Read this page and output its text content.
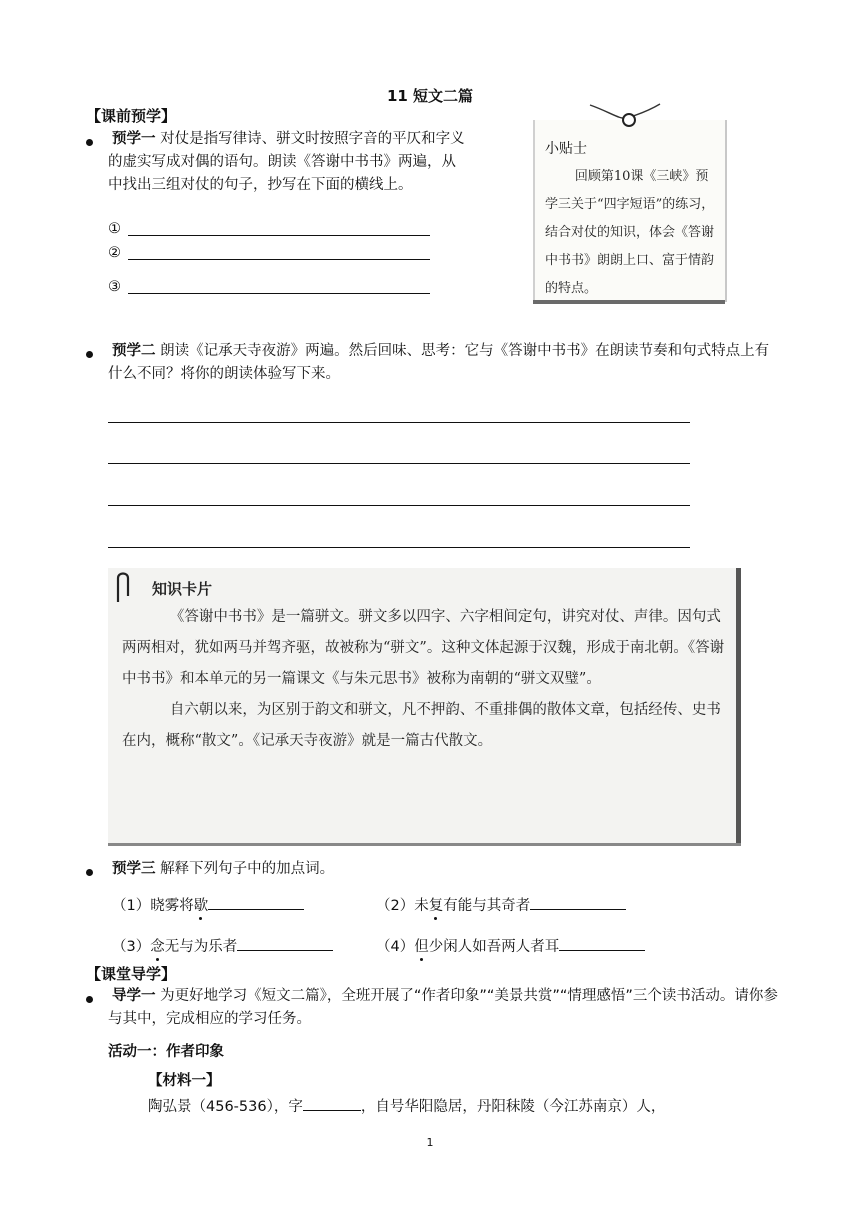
11 短文二篇
【课前预学】
预学一 对仗是指写律诗、骈文时按照字音的平仄和字义的虚实写成对偶的语句。朗读《答谢中书书》两遍，从中找出三组对仗的句子，抄写在下面的横线上。
①
②
③
小贴士
回顾第10课《三峡》预学三关于“四字短语”的练习，结合对仗的知识，体会《答谢中书书》朗朗上口、富于情韵的特点。
预学二 朗读《记承天寺夜游》两遍。然后回味、思考：它与《答谢中书书》在朗读节奏和句式特点上有什么不同？将你的朗读体验写下来。
知识卡片

《答谢中书书》是一篇骈文。骈文多以四字、六字相间定句，讲究对仗、声律。因句式两两相对，犹如两马并驾齐驱，故被称为“骈文”。这种文体起源于汉魏，形成于南北朝。《答谢中书书》和本单元的另一篇课文《与朱元思书》被称为南朝的“骈文双璧”。

自六朝以来，为区别于韵文和骈文，凡不押韵、不重排偶的散体文章，包括经传、史书在内，概称“散文”。《记承天寺夜游》就是一篇古代散文。

预学三 解释下列句子中的加点词。
（1）晓雾将歇	（2）未复有能与其奇者
（3）念无与为乐者	（4）但少闲人如吾两人者耳
【课堂导学】
导学一 为更好地学习《短文二篇》，全班开展了“作者印象”“美景共赏”“情理感悟”三个读书活动。请你参与其中，完成相应的学习任务。
活动一：作者印象
【材料一】
陶弘景（456-536），字	，自号华阳隐居，丹阳秣陵（今江苏南京）人，
1
